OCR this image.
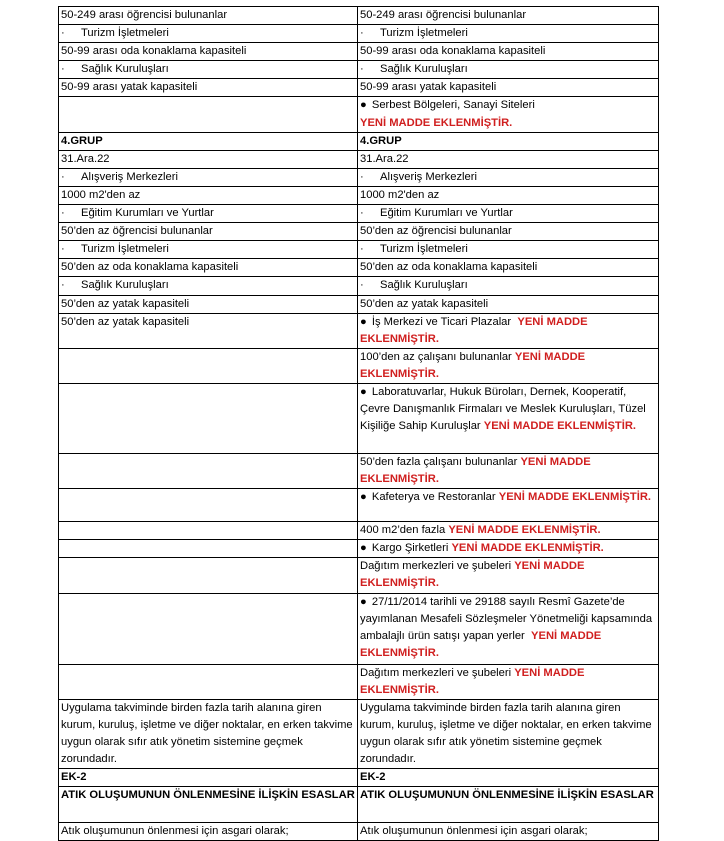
50-249 arası öğrencisi bulunanlar	50-249 arası öğrencisi bulunanlar
· Turizm İşletmeleri	· Turizm İşletmeleri
50-99 arası oda konaklama kapasiteli	50-99 arası oda konaklama kapasiteli
· Sağlık Kuruluşları	· Sağlık Kuruluşları
50-99 arası yatak kapasiteli	50-99 arası yatak kapasiteli
	● Serbest Bölgeleri, Sanayi Siteleri
YENİ MADDE EKLENMİŞTİR.
4.GRUP	4.GRUP
31.Ara.22	31.Ara.22
· Alışveriş Merkezleri	· Alışveriş Merkezleri
1000 m2'den az	1000 m2'den az
· Eğitim Kurumları ve Yurtlar	· Eğitim Kurumları ve Yurtlar
50’den az öğrencisi bulunanlar	50’den az öğrencisi bulunanlar
· Turizm İşletmeleri	· Turizm İşletmeleri
50’den az oda konaklama kapasiteli	50’den az oda konaklama kapasiteli
· Sağlık Kuruluşları	· Sağlık Kuruluşları
50’den az yatak kapasiteli	50’den az yatak kapasiteli
50’den az yatak kapasiteli	● İş Merkezi ve Ticari Plazalar YENİ MADDE EKLENMİŞTİR.
	100’den az çalışanı bulunanlar YENİ MADDE EKLENMİŞTİR.
	● Laboratuvarlar, Hukuk Büroları, Dernek, Kooperatif, Çevre Danışmanlık Firmaları ve Meslek Kuruluşları, Tüzel Kişiliğe Sahip Kuruluşlar YENİ MADDE EKLENMİŞTİR.
	50’den fazla çalışanı bulunanlar YENİ MADDE EKLENMİŞTİR.
	● Kafeterya ve Restoranlar YENİ MADDE EKLENMİŞTİR.
	400 m2’den fazla YENİ MADDE EKLENMİŞTİR.
	● Kargo Şirketleri YENİ MADDE EKLENMİŞTİR.
	Dağıtım merkezleri ve şubeleri YENİ MADDE EKLENMİŞTİR.
	● 27/11/2014 tarihli ve 29188 sayılı Resmî Gazete’de yayımlanan Mesafeli Sözleşmeler Yönetmeliği kapsamında ambalajlı ürün satışı yapan yerler YENİ MADDE EKLENMİŞTİR.
	Dağıtım merkezleri ve şubeleri YENİ MADDE EKLENMİŞTİR.
Uygulama takviminde birden fazla tarih alanına giren kurum, kuruluş, işletme ve diğer noktalar, en erken takvime uygun olarak sıfır atık yönetim sistemine geçmek zorundadır.	Uygulama takviminde birden fazla tarih alanına giren kurum, kuruluş, işletme ve diğer noktalar, en erken takvime uygun olarak sıfır atık yönetim sistemine geçmek zorundadır.
EK-2	EK-2
ATIK OLUŞUMUNUN ÖNLENMESİNE İLİŞKİN ESASLAR	ATIK OLUŞUMUNUN ÖNLENMESİNE İLİŞKİN ESASLAR
Atık oluşumunun önlenmesi için asgari olarak;	Atık oluşumunun önlenmesi için asgari olarak;
